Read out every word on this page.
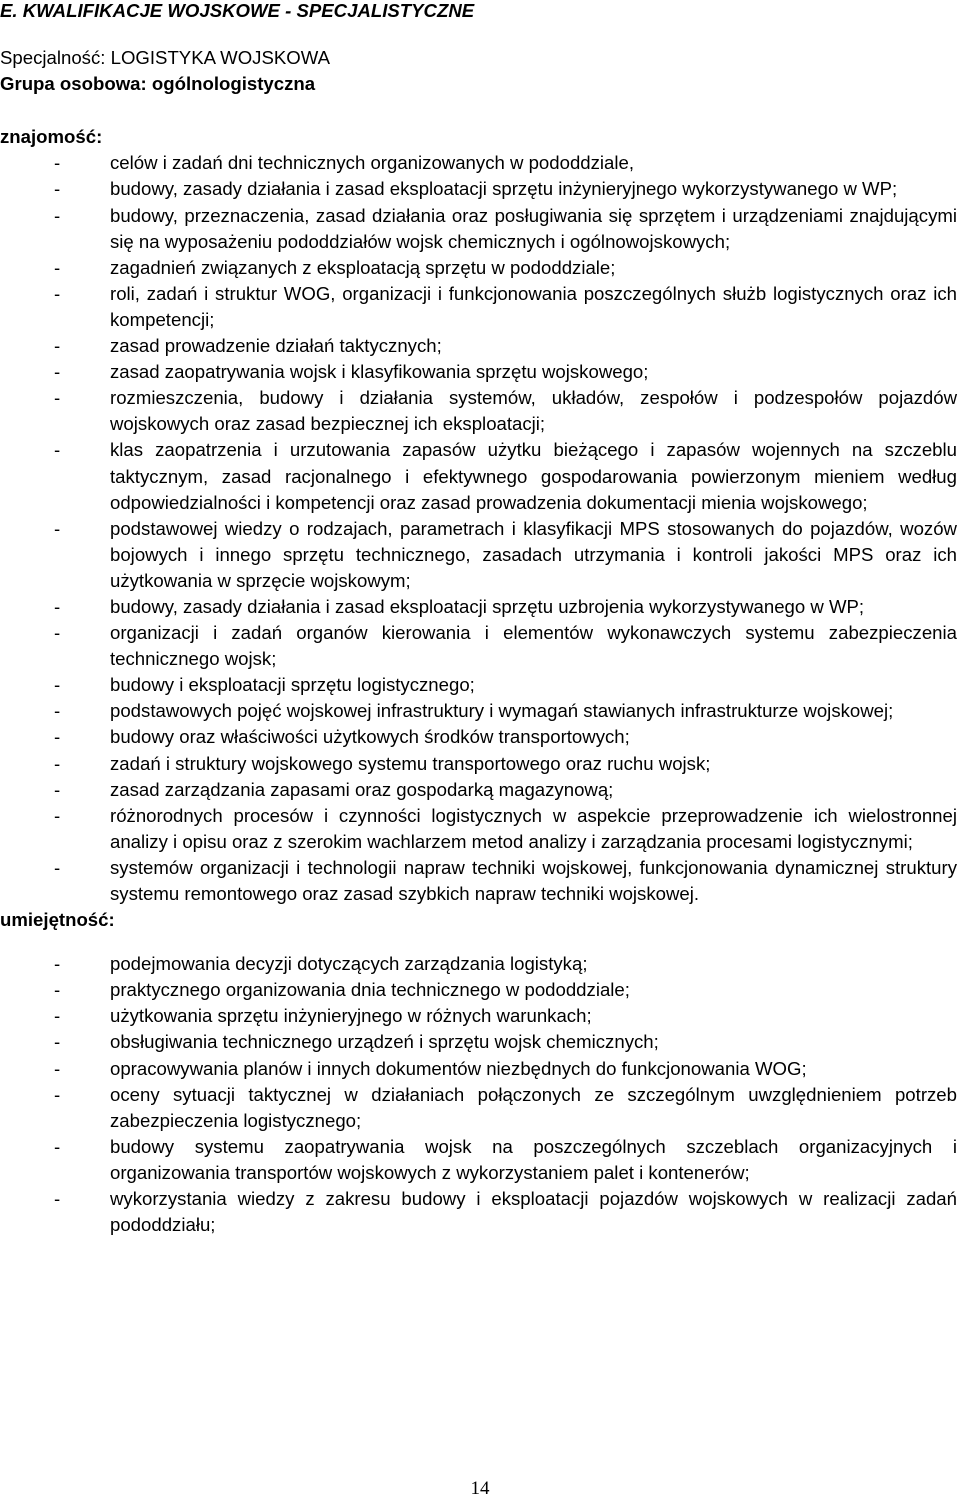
E. KWALIFIKACJE WOJSKOWE - SPECJALISTYCZNE

Specjalność: LOGISTYKA WOJSKOWA

Grupa osobowa: ogólnologistyczna

znajomość:

-	celów i zadań dni technicznych organizowanych w pododdziale,
-	budowy, zasady działania i zasad eksploatacji sprzętu inżynieryjnego wykorzystywanego w WP;
-	budowy, przeznaczenia, zasad działania oraz posługiwania się sprzętem i urządzeniami znajdującymi się na wyposażeniu pododdziałów wojsk chemicznych i ogólnowojskowych;
-	zagadnień związanych z eksploatacją sprzętu w pododdziale;
-	roli, zadań i struktur WOG, organizacji i funkcjonowania poszczególnych służb logistycznych oraz ich kompetencji;
-	zasad prowadzenie działań taktycznych;
-	zasad zaopatrywania wojsk i klasyfikowania sprzętu wojskowego;
-	rozmieszczenia, budowy i działania systemów, układów, zespołów i podzespołów pojazdów wojskowych oraz zasad bezpiecznej ich eksploatacji;
-	klas zaopatrzenia i urzutowania zapasów użytku bieżącego i zapasów wojennych na szczeblu taktycznym, zasad racjonalnego i efektywnego gospodarowania powierzonym mieniem według odpowiedzialności i kompetencji oraz zasad prowadzenia dokumentacji mienia wojskowego;
-	podstawowej wiedzy o rodzajach, parametrach i klasyfikacji MPS stosowanych do pojazdów, wozów bojowych i innego sprzętu technicznego, zasadach utrzymania i kontroli jakości MPS oraz ich użytkowania w sprzęcie wojskowym;
-	budowy, zasady działania i zasad eksploatacji sprzętu uzbrojenia wykorzystywanego w WP;
-	organizacji i zadań organów kierowania i elementów wykonawczych systemu zabezpieczenia technicznego wojsk;
-	budowy i eksploatacji sprzętu logistycznego;
-	podstawowych pojęć wojskowej infrastruktury i wymagań stawianych infrastrukturze wojskowej;
-	budowy oraz właściwości użytkowych środków transportowych;
-	zadań i struktury wojskowego systemu transportowego oraz ruchu wojsk;
-	zasad zarządzania zapasami oraz gospodarką magazynową;
-	różnorodnych procesów i czynności logistycznych w aspekcie przeprowadzenie ich wielostronnej analizy i opisu oraz z szerokim wachlarzem metod analizy i zarządzania procesami logistycznymi;
-	systemów organizacji i technologii napraw techniki wojskowej, funkcjonowania dynamicznej struktury systemu remontowego oraz zasad szybkich napraw techniki wojskowej.

umiejętność:

-	podejmowania decyzji dotyczących zarządzania logistyką;
-	praktycznego organizowania dnia technicznego w pododdziale;
-	użytkowania sprzętu inżynieryjnego w różnych warunkach;
-	obsługiwania technicznego urządzeń i sprzętu wojsk chemicznych;
-	opracowywania planów i innych dokumentów niezbędnych do funkcjonowania WOG;
-	oceny sytuacji taktycznej w działaniach połączonych ze szczególnym uwzględnieniem potrzeb zabezpieczenia logistycznego;
-	budowy systemu zaopatrywania wojsk na poszczególnych szczeblach organizacyjnych i organizowania transportów wojskowych z wykorzystaniem palet i kontenerów;
-	wykorzystania wiedzy z zakresu budowy i eksploatacji pojazdów wojskowych w realizacji zadań pododdziału;
14
